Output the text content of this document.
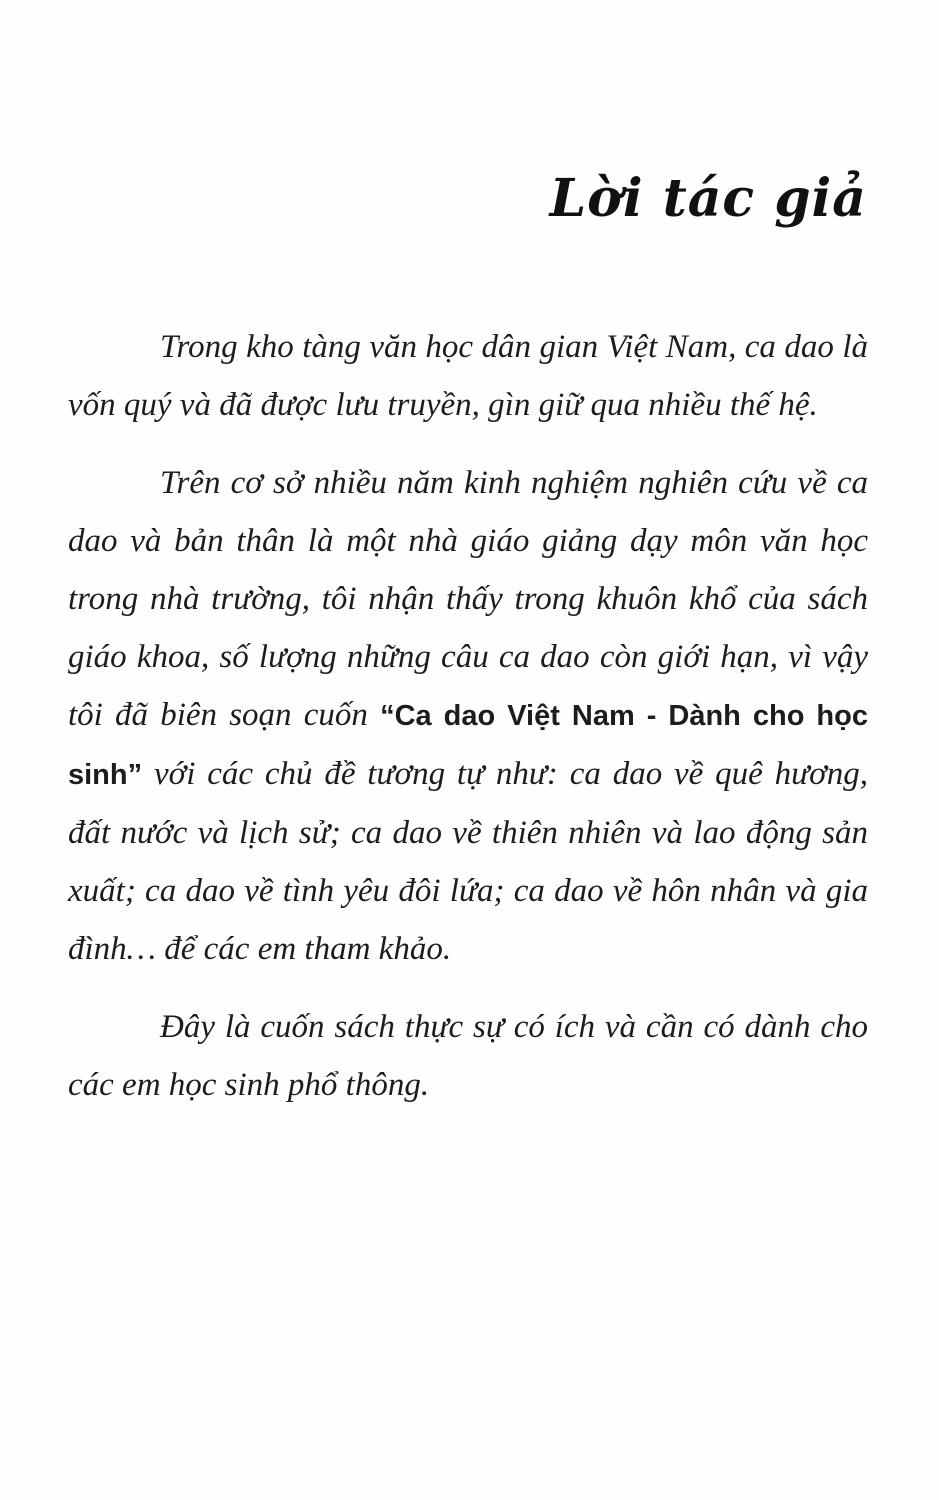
Lời tác giả

Trong kho tàng văn học dân gian Việt Nam, ca dao là vốn quý và đã được lưu truyền, gìn giữ qua nhiều thế hệ.

Trên cơ sở nhiều năm kinh nghiệm nghiên cứu về ca dao và bản thân là một nhà giáo giảng dạy môn văn học trong nhà trường, tôi nhận thấy trong khuôn khổ của sách giáo khoa, số lượng những câu ca dao còn giới hạn, vì vậy tôi đã biên soạn cuốn “Ca dao Việt Nam - Dành cho học sinh” với các chủ đề tương tự như: ca dao về quê hương, đất nước và lịch sử; ca dao về thiên nhiên và lao động sản xuất; ca dao về tình yêu đôi lứa; ca dao về hôn nhân và gia đình… để các em tham khảo.

Đây là cuốn sách thực sự có ích và cần có dành cho các em học sinh phổ thông.
